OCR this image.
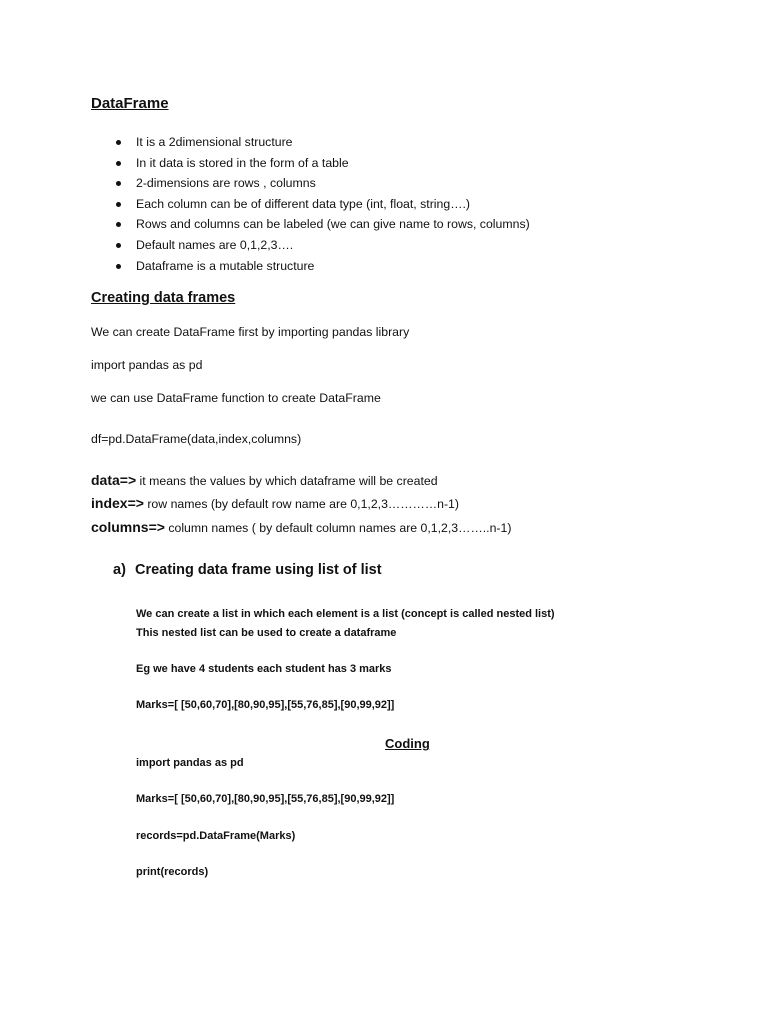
DataFrame
It is a 2dimensional structure
In it data is stored in the form of a table
2-dimensions are rows , columns
Each column can be of different data type (int, float, string….)
Rows and columns can be labeled (we can give name to rows, columns)
Default names are 0,1,2,3….
Dataframe is a mutable structure
Creating data frames

We can create DataFrame first by importing pandas library

import pandas as pd

we can use DataFrame function to create DataFrame

df=pd.DataFrame(data,index,columns)

data=> it means the values by which dataframe will be created

index=> row names (by default row name are 0,1,2,3…………n-1)

columns=> column names ( by default column names are 0,1,2,3……..n-1)

a) Creating data frame using list of list

We can create a list in which each element is a list (concept is called nested list)

This nested list can be used to create a dataframe

Eg we have 4 students each student has 3 marks

Marks=[ [50,60,70],[80,90,95],[55,76,85],[90,99,92]]

Coding

import pandas as pd

Marks=[ [50,60,70],[80,90,95],[55,76,85],[90,99,92]]

records=pd.DataFrame(Marks)

print(records)
